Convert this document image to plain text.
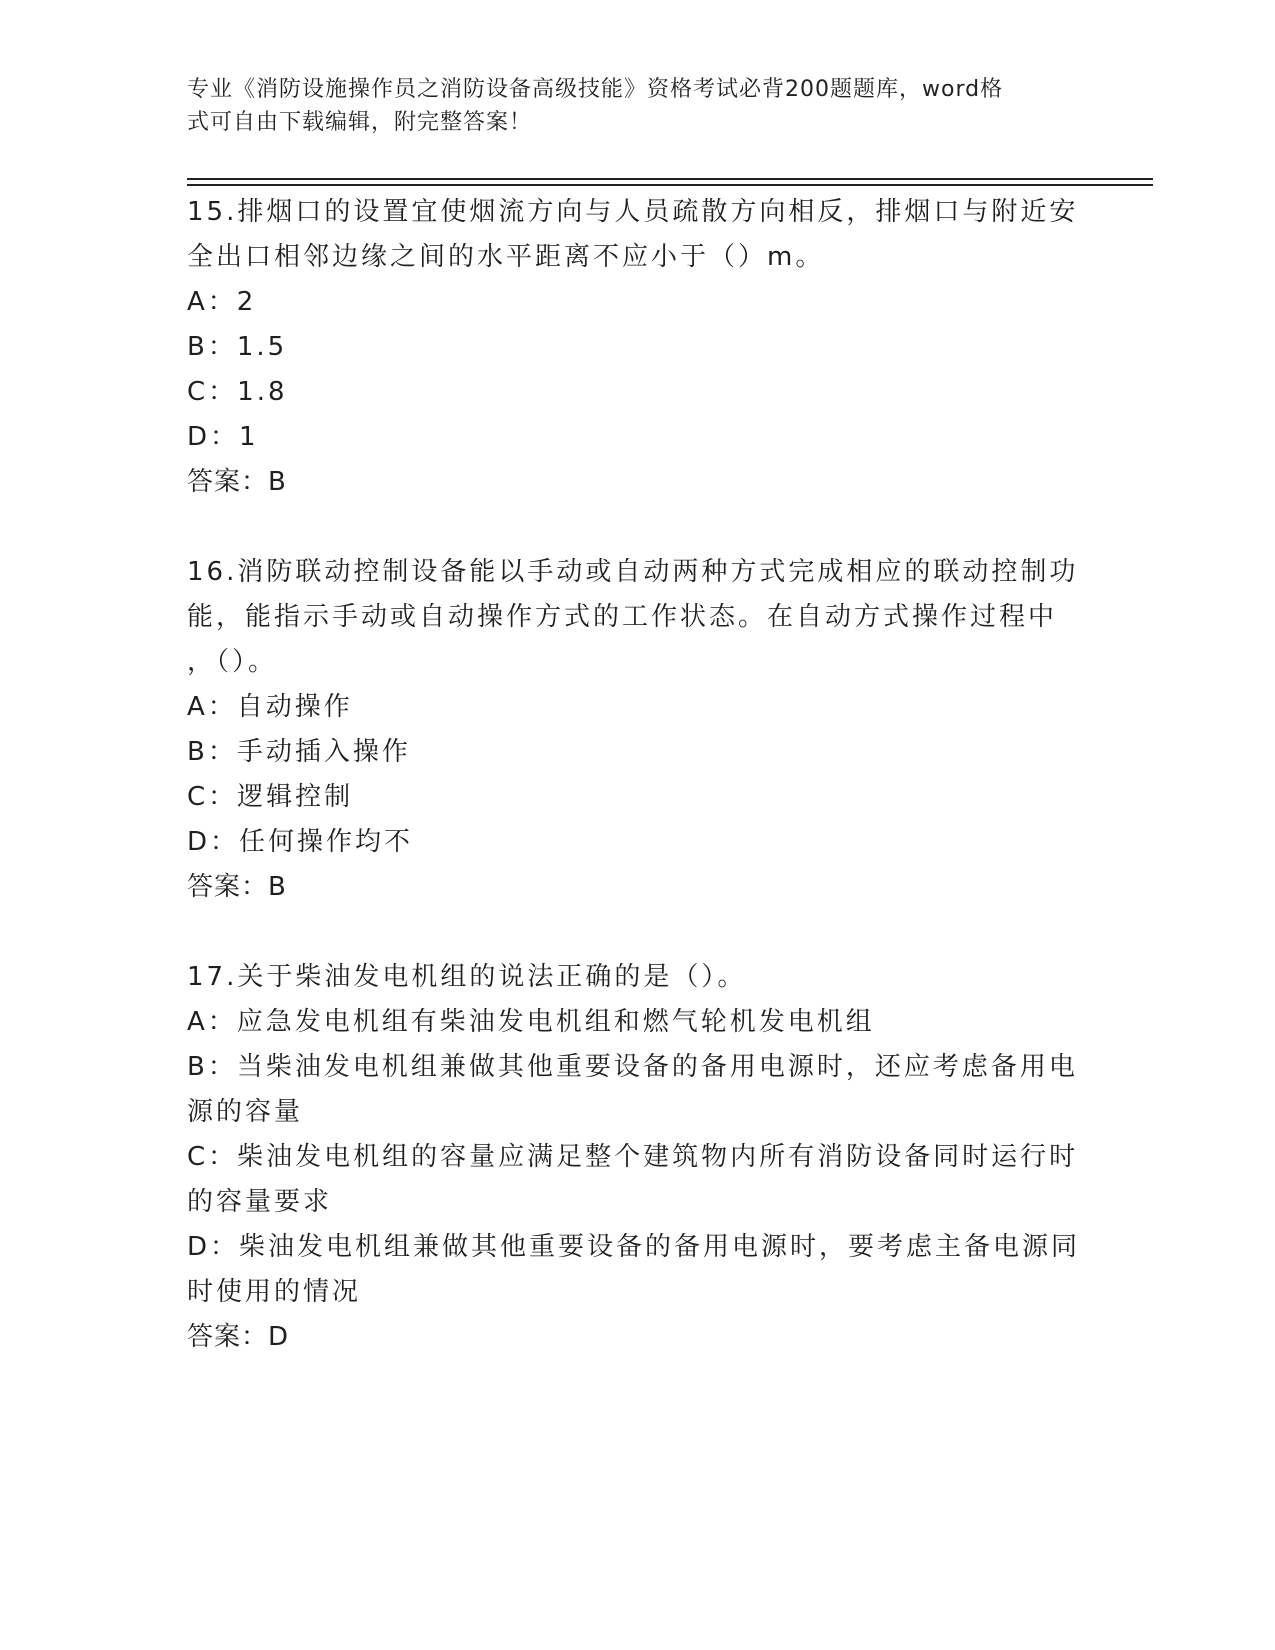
专业《消防设施操作员之消防设备高级技能》资格考试必背200题题库，word格

式可自由下载编辑，附完整答案！

15.排烟口的设置宜使烟流方向与人员疏散方向相反，排烟口与附近安
全出口相邻边缘之间的水平距离不应小于（）m。
A：2
B：1.5
C：1.8
D：1
答案：B
16.消防联动控制设备能以手动或自动两种方式完成相应的联动控制功
能，能指示手动或自动操作方式的工作状态。在自动方式操作过程中
，（）。
A：自动操作
B：手动插入操作
C：逻辑控制
D：任何操作均不
答案：B
17.关于柴油发电机组的说法正确的是（）。
A：应急发电机组有柴油发电机组和燃气轮机发电机组
B：当柴油发电机组兼做其他重要设备的备用电源时，还应考虑备用电
源的容量
C：柴油发电机组的容量应满足整个建筑物内所有消防设备同时运行时
的容量要求
D：柴油发电机组兼做其他重要设备的备用电源时，要考虑主备电源同
时使用的情况
答案：D
